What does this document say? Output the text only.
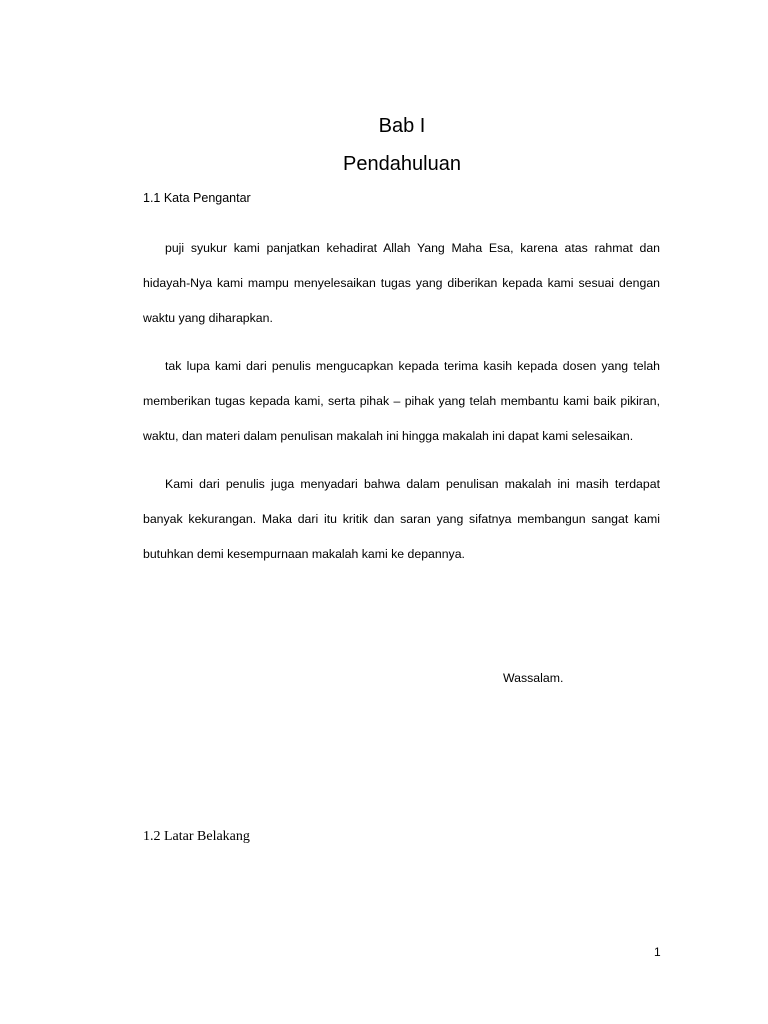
Bab I
Pendahuluan
1.1 Kata Pengantar

puji syukur kami panjatkan kehadirat Allah Yang Maha Esa, karena atas rahmat dan hidayah-Nya kami mampu menyelesaikan tugas yang diberikan kepada kami sesuai dengan waktu yang diharapkan.

tak lupa kami dari penulis mengucapkan kepada terima kasih kepada dosen yang telah memberikan tugas kepada kami, serta pihak – pihak yang telah membantu kami baik pikiran, waktu, dan materi dalam penulisan makalah ini hingga makalah ini dapat kami selesaikan.

Kami dari penulis juga menyadari bahwa dalam penulisan makalah ini masih terdapat banyak kekurangan. Maka dari itu kritik dan saran yang sifatnya membangun sangat kami butuhkan demi kesempurnaan makalah kami ke depannya.

Wassalam.
1.2 Latar Belakang
1
